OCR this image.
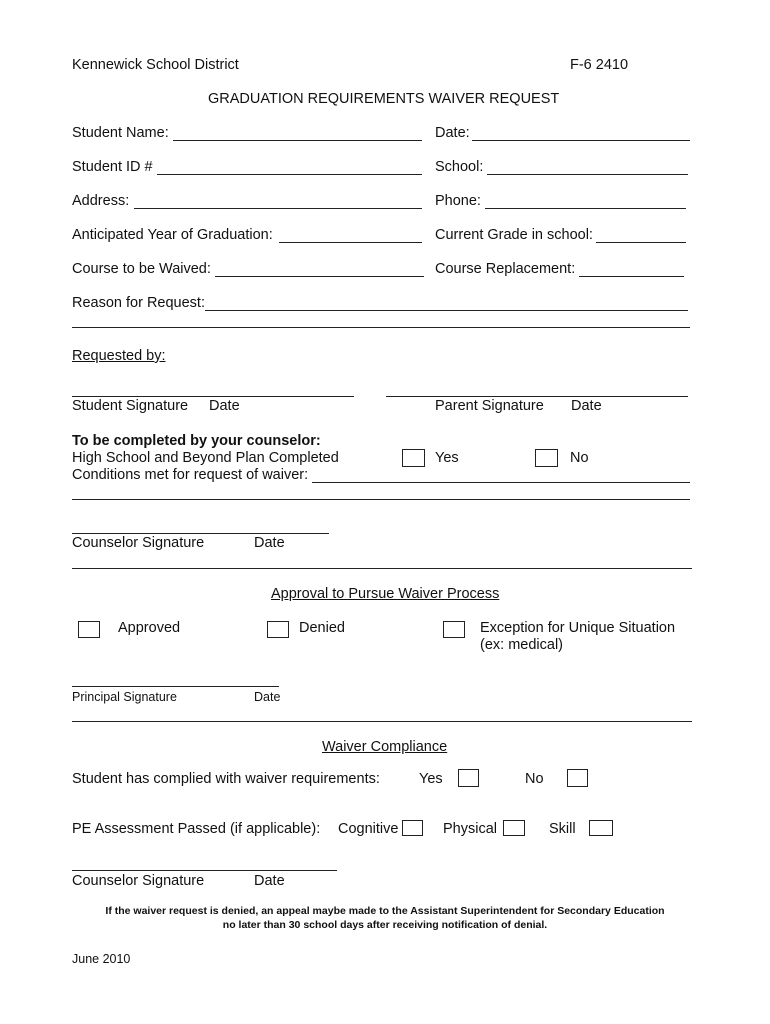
Kennewick School District	F-6 2410
GRADUATION REQUIREMENTS WAIVER REQUEST
Student Name:	Date:
Student ID #	School:
Address:	Phone:
Anticipated Year of Graduation:	Current Grade in school:
Course to be Waived:	Course Replacement:
Reason for Request:
Requested by:
Student Signature Date	Parent Signature Date
To be completed by your counselor:
High School and Beyond Plan Completed	Yes	No
Conditions met for request of waiver:
Counselor Signature	Date
Approval to Pursue Waiver Process
Approved	Denied	Exception for Unique Situation
(ex: medical)
Principal Signature	Date
Waiver Compliance
Student has complied with waiver requirements:	Yes	No
PE Assessment Passed (if applicable): Cognitive	Physical	Skill
Counselor Signature	Date
If the waiver request is denied, an appeal maybe made to the Assistant Superintendent for Secondary Education
no later than 30 school days after receiving notification of denial.
June 2010
